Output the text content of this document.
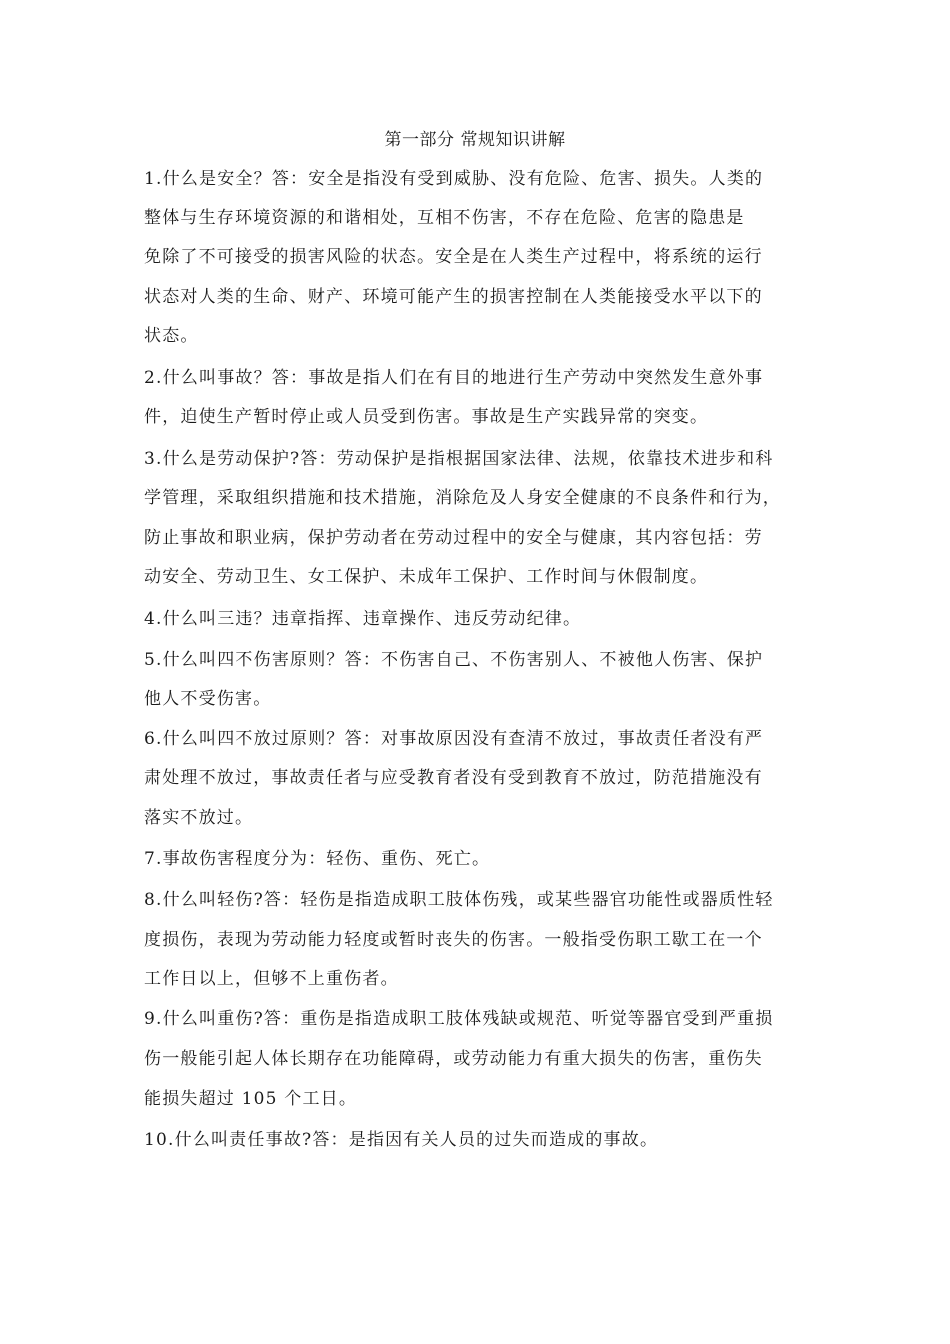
第一部分 常规知识讲解
1.什么是安全？答：安全是指没有受到威胁、没有危险、危害、损失。人类的
整体与生存环境资源的和谐相处，互相不伤害，不存在危险、危害的隐患是
免除了不可接受的损害风险的状态。安全是在人类生产过程中，将系统的运行
状态对人类的生命、财产、环境可能产生的损害控制在人类能接受水平以下的
状态。
2.什么叫事故？答：事故是指人们在有目的地进行生产劳动中突然发生意外事
件，迫使生产暂时停止或人员受到伤害。事故是生产实践异常的突变。
3.什么是劳动保护?答：劳动保护是指根据国家法律、法规，依靠技术进步和科
学管理，采取组织措施和技术措施，消除危及人身安全健康的不良条件和行为，
防止事故和职业病，保护劳动者在劳动过程中的安全与健康，其内容包括：劳
动安全、劳动卫生、女工保护、未成年工保护、工作时间与休假制度。
4.什么叫三违？违章指挥、违章操作、违反劳动纪律。
5.什么叫四不伤害原则？答：不伤害自己、不伤害别人、不被他人伤害、保护
他人不受伤害。
6.什么叫四不放过原则？答：对事故原因没有查清不放过，事故责任者没有严
肃处理不放过，事故责任者与应受教育者没有受到教育不放过，防范措施没有
落实不放过。
7.事故伤害程度分为：轻伤、重伤、死亡。
8.什么叫轻伤?答：轻伤是指造成职工肢体伤残，或某些器官功能性或器质性轻
度损伤，表现为劳动能力轻度或暂时丧失的伤害。一般指受伤职工歇工在一个
工作日以上，但够不上重伤者。
9.什么叫重伤?答：重伤是指造成职工肢体残缺或规范、听觉等器官受到严重损
伤一般能引起人体长期存在功能障碍，或劳动能力有重大损失的伤害，重伤失
能损失超过 105 个工日。
10.什么叫责任事故?答：是指因有关人员的过失而造成的事故。
